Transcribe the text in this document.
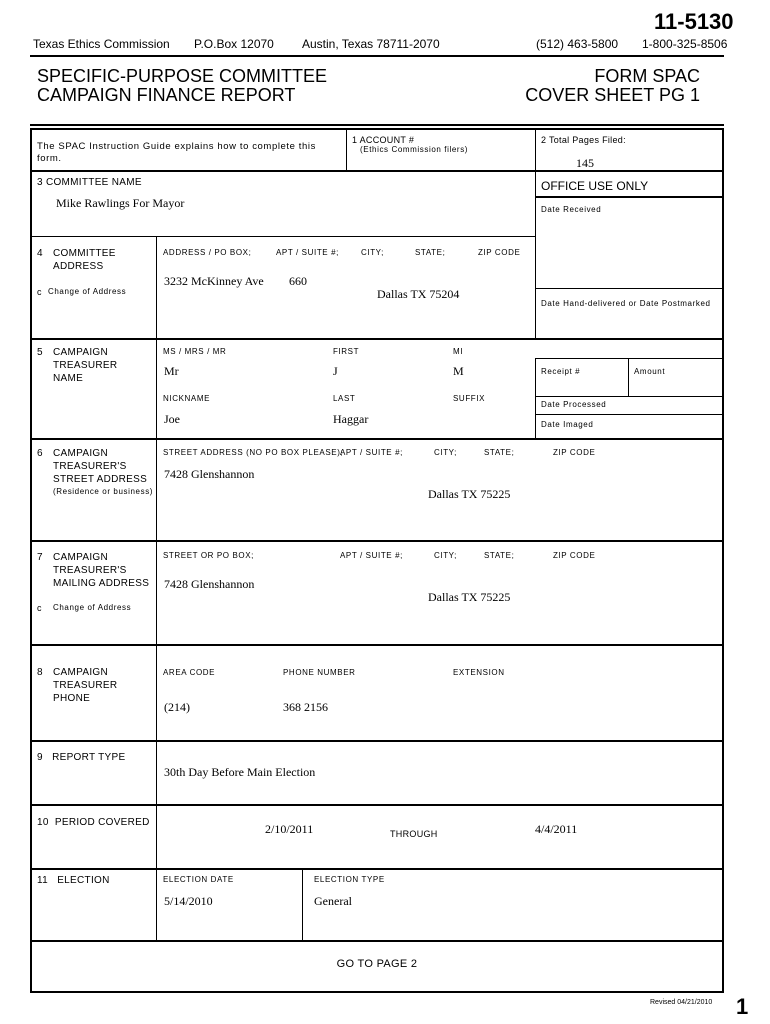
11-5130
Texas Ethics Commission P.O.Box 12070 Austin, Texas 78711-2070	(512) 463-5800 1-800-325-8506
SPECIFIC-PURPOSE COMMITTEE
CAMPAIGN FINANCE REPORT
FORM SPAC
COVER SHEET PG 1
The SPAC Instruction Guide explains how to complete this form.
1 ACCOUNT #
(Ethics Commission filers)
2 Total Pages Filed:
145
3 COMMITTEE NAME
Mike Rawlings For Mayor
OFFICE USE ONLY
Date Received
Date Hand-delivered or Date Postmarked
4 COMMITTEE
ADDRESS
c Change of Address
ADDRESS / PO BOX;	APT / SUITE #;	CITY;	STATE;	ZIP CODE
3232 McKinney Ave 660
Dallas TX 75204
5 CAMPAIGN
TREASURER
NAME
MS / MRS / MR	FIRST	MI
Mr	J	M
NICKNAME	LAST	SUFFIX
Joe	Haggar
Receipt #	Amount
Date Processed
Date Imaged
6 CAMPAIGN
TREASURER'S
STREET ADDRESS
(Residence or business)
STREET ADDRESS (NO PO BOX PLEASE);
APT / SUITE #;	CITY;	STATE;	ZIP CODE
7428 Glenshannon
Dallas TX 75225
7 CAMPAIGN
TREASURER'S
MAILING ADDRESS
c Change of Address
STREET OR PO BOX;	APT / SUITE #;	CITY;	STATE;	ZIP CODE
7428 Glenshannon
Dallas TX 75225
8 CAMPAIGN
TREASURER
PHONE
AREA CODE	PHONE NUMBER	EXTENSION
(214)	368 2156
9   REPORT TYPE
30th Day Before Main Election
10  PERIOD COVERED	2/10/2011	THROUGH	4/4/2011
11   ELECTION	ELECTION DATE	ELECTION TYPE
5/14/2010	General
GO TO PAGE 2
Revised 04/21/2010 1
